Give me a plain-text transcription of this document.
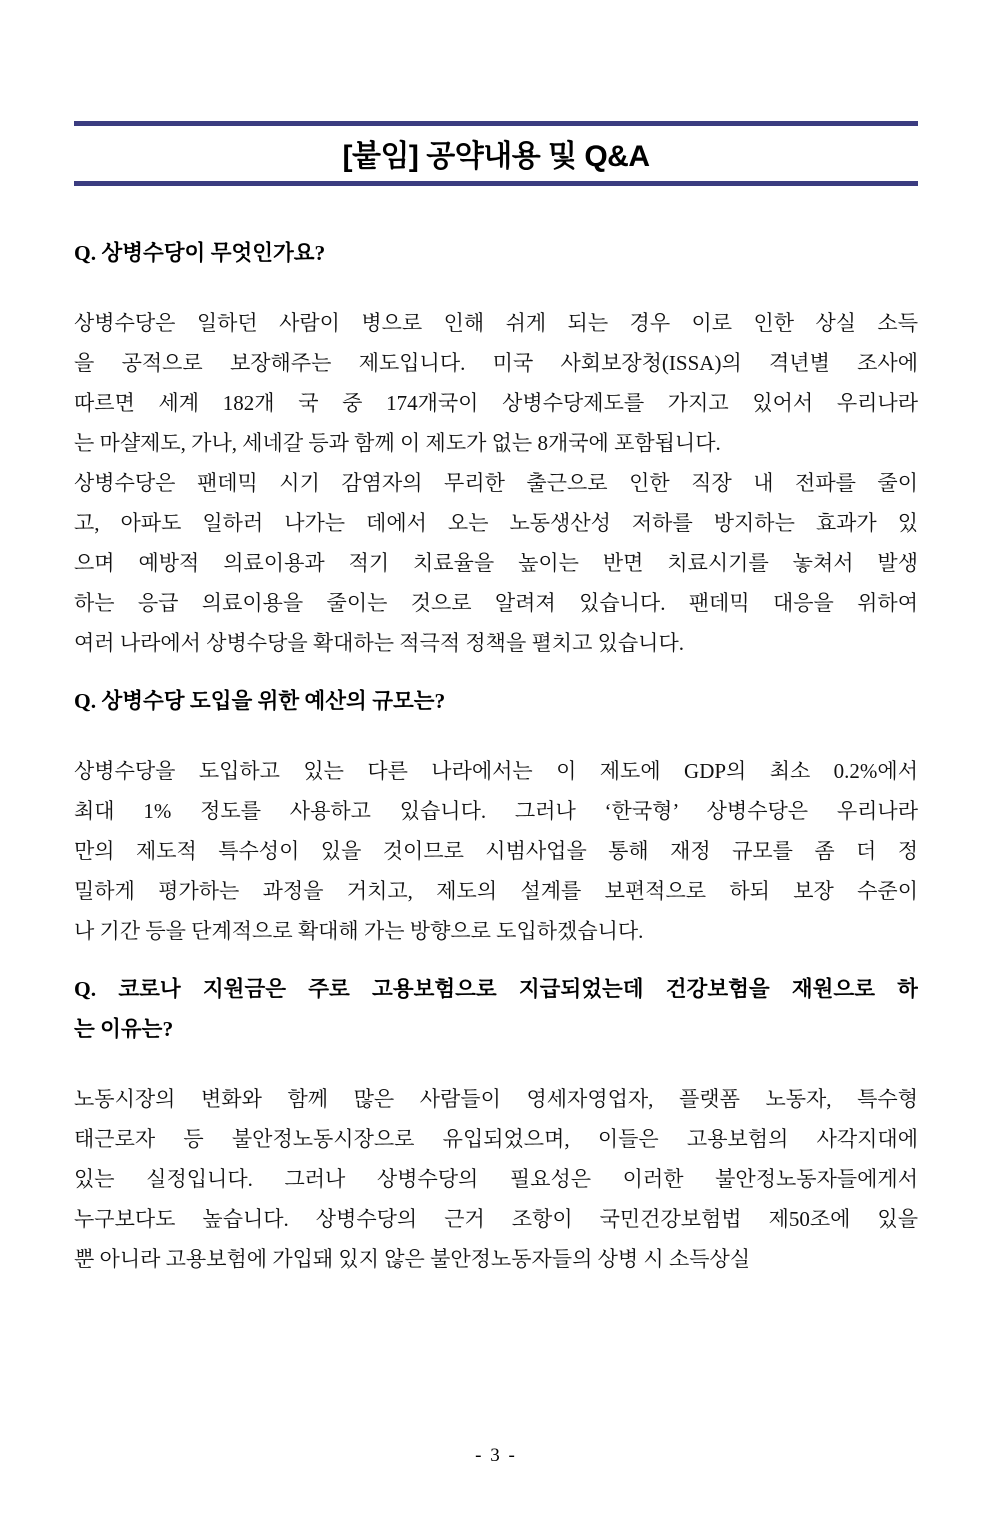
[붙임] 공약내용 및 Q&A
Q. 상병수당이 무엇인가요?
상병수당은 일하던 사람이 병으로 인해 쉬게 되는 경우 이로 인한 상실 소득
을 공적으로 보장해주는 제도입니다. 미국 사회보장청(ISSA)의 격년별 조사에
따르면 세계 182개 국 중 174개국이 상병수당제도를 가지고 있어서 우리나라
는 마샬제도, 가나, 세네갈 등과 함께 이 제도가 없는 8개국에 포함됩니다.
상병수당은 팬데믹 시기 감염자의 무리한 출근으로 인한 직장 내 전파를 줄이
고, 아파도 일하러 나가는 데에서 오는 노동생산성 저하를 방지하는 효과가 있
으며 예방적 의료이용과 적기 치료율을 높이는 반면 치료시기를 놓쳐서 발생
하는 응급 의료이용을 줄이는 것으로 알려져 있습니다. 팬데믹 대응을 위하여
여러 나라에서 상병수당을 확대하는 적극적 정책을 펼치고 있습니다.
Q. 상병수당 도입을 위한 예산의 규모는?
상병수당을 도입하고 있는 다른 나라에서는 이 제도에 GDP의 최소 0.2%에서
최대 1% 정도를 사용하고 있습니다. 그러나 ‘한국형’ 상병수당은 우리나라
만의 제도적 특수성이 있을 것이므로 시범사업을 통해 재정 규모를 좀 더 정
밀하게 평가하는 과정을 거치고, 제도의 설계를 보편적으로 하되 보장 수준이
나 기간 등을 단계적으로 확대해 가는 방향으로 도입하겠습니다.
Q. 코로나 지원금은 주로 고용보험으로 지급되었는데 건강보험을 재원으로 하
는 이유는?
노동시장의 변화와 함께 많은 사람들이 영세자영업자, 플랫폼 노동자, 특수형
태근로자 등 불안정노동시장으로 유입되었으며, 이들은 고용보험의 사각지대에
있는 실정입니다. 그러나 상병수당의 필요성은 이러한 불안정노동자들에게서
누구보다도 높습니다. 상병수당의 근거 조항이 국민건강보험법 제50조에 있을
뿐 아니라 고용보험에 가입돼 있지 않은 불안정노동자들의 상병 시 소득상실
- 3 -
